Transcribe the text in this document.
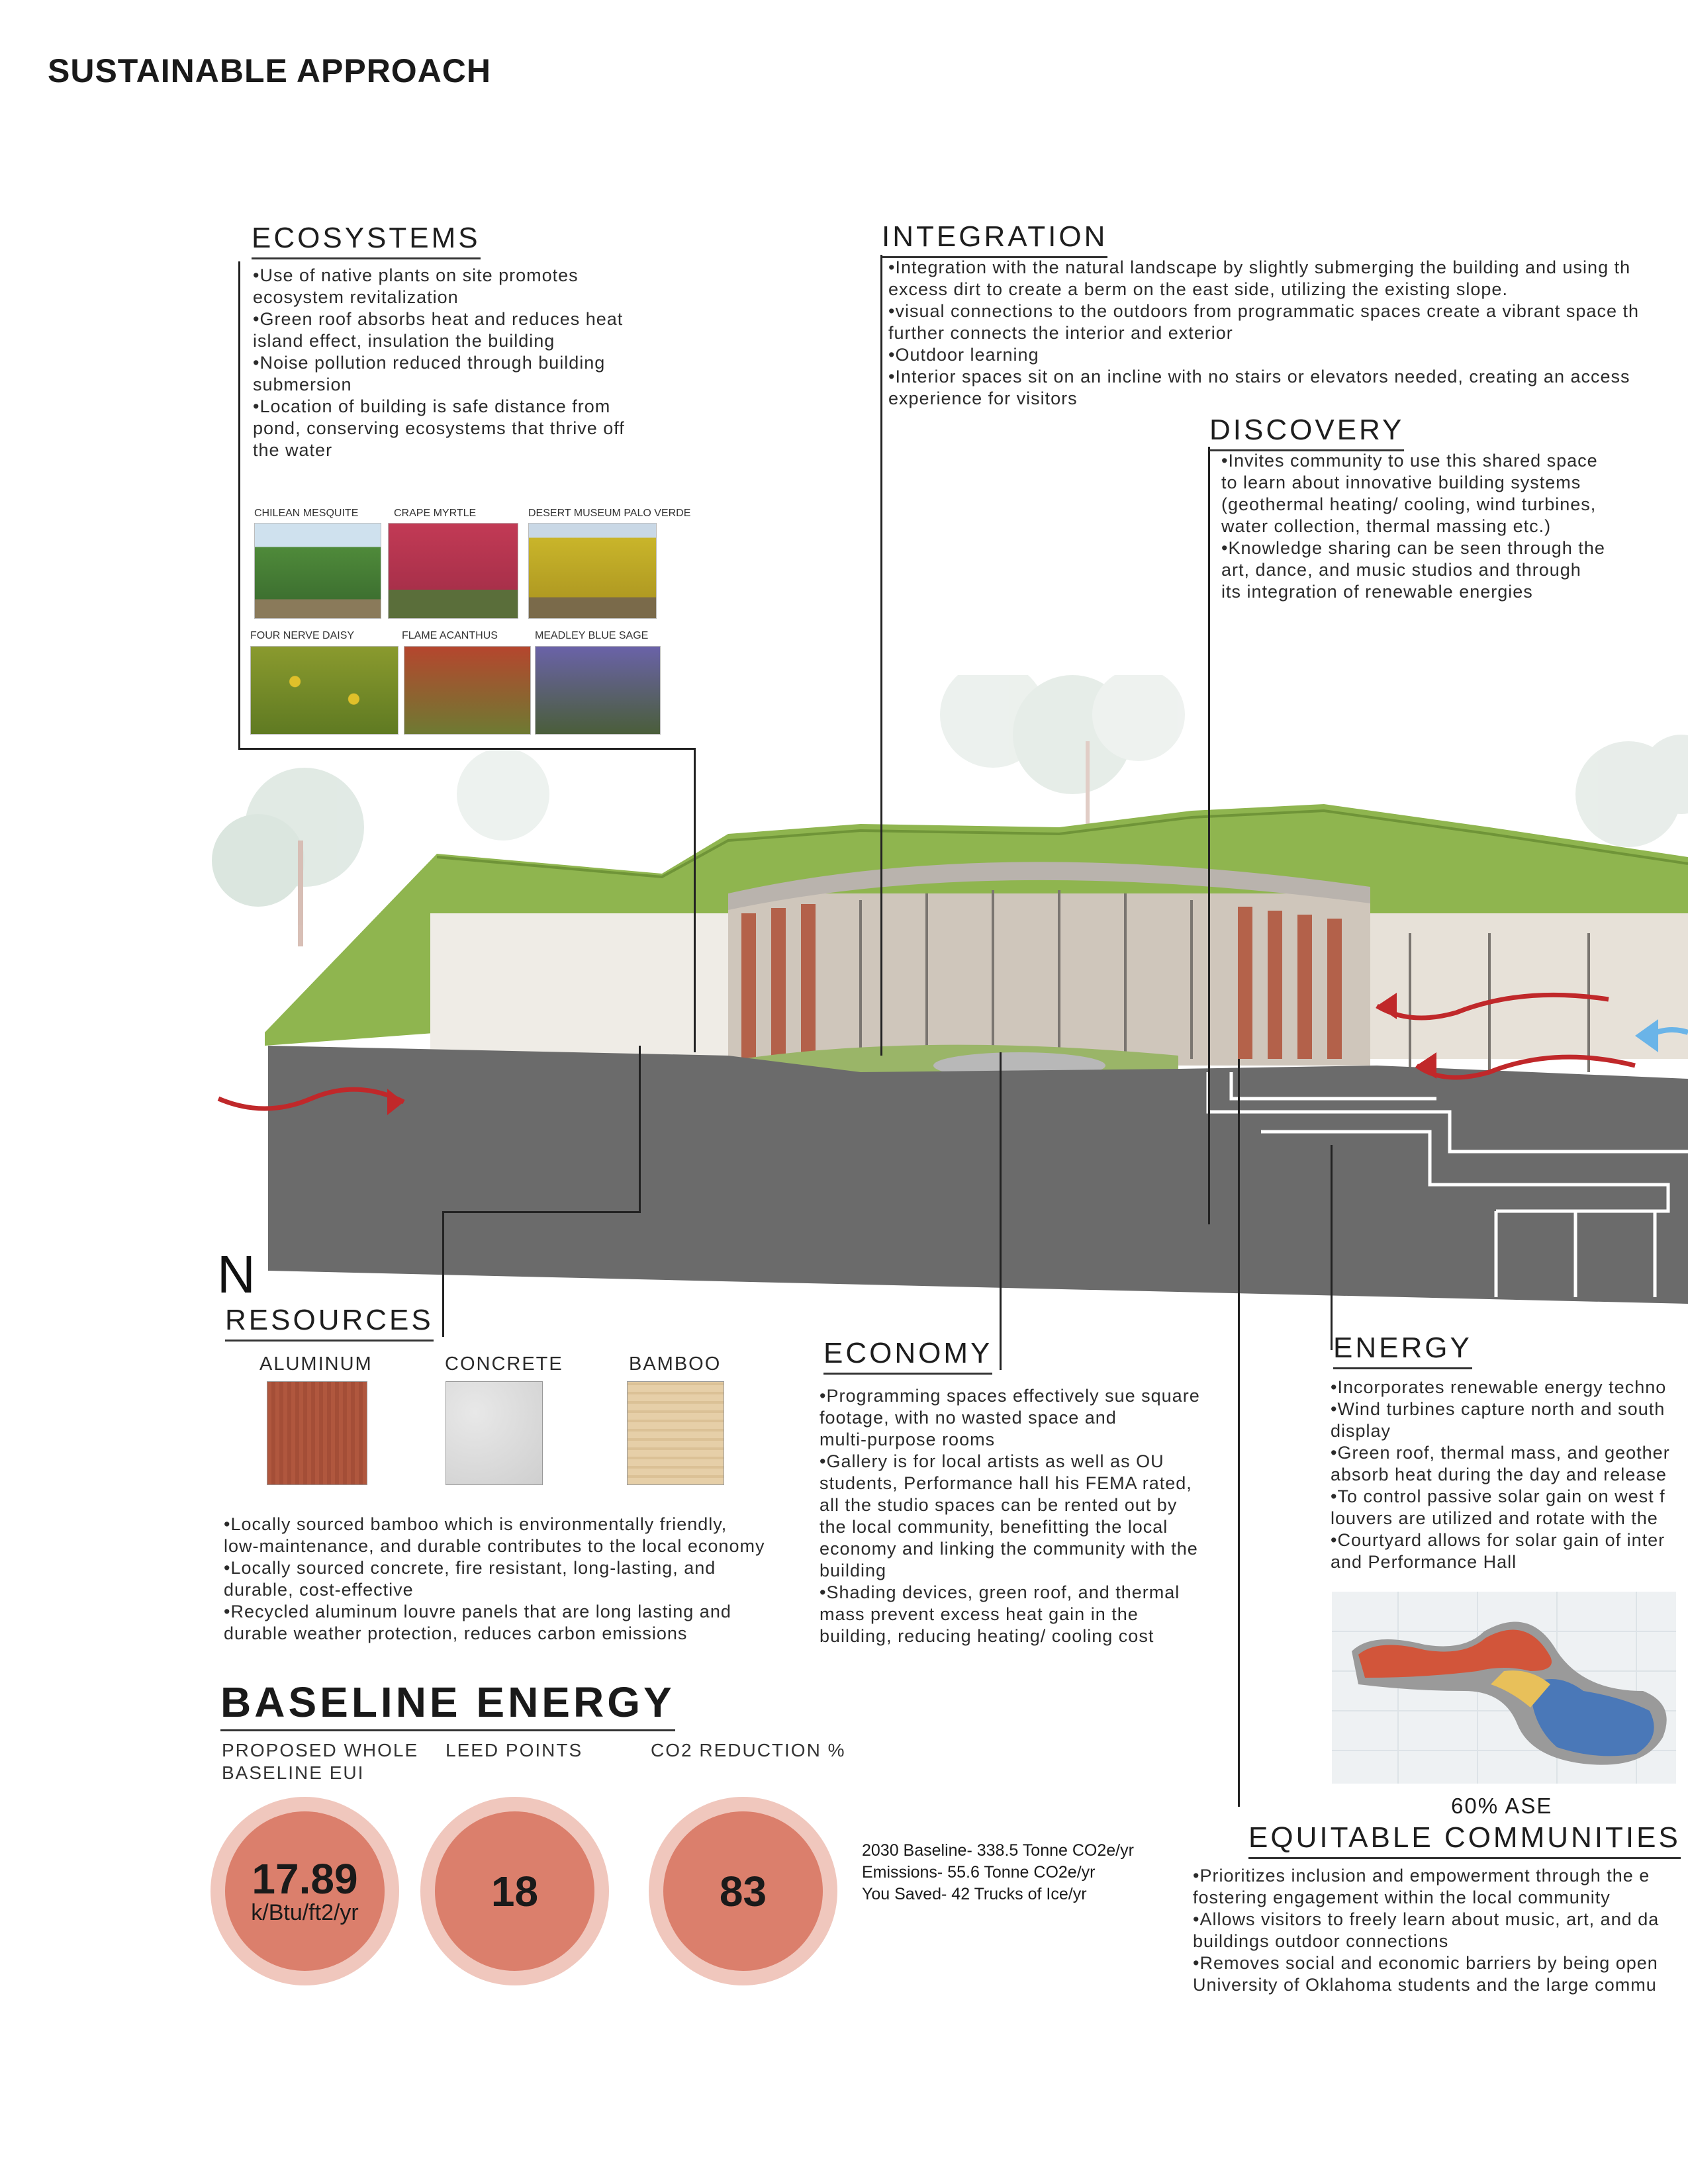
SUSTAINABLE APPROACH
ECOSYSTEMS
•Use of native plants on site promotes
ecosystem revitalization
•Green roof absorbs heat and reduces heat
island effect, insulation the building
•Noise pollution reduced through building
submersion
•Location of building is safe distance from
pond, conserving ecosystems that thrive off
the water
CHILEAN MESQUITE	CRAPE MYRTLE	DESERT MUSEUM PALO VERDE
FOUR NERVE DAISY	FLAME ACANTHUS	MEADLEY BLUE SAGE
INTEGRATION
•Integration with the natural landscape by slightly submerging the building and using th
excess dirt to create a berm on the east side, utilizing the existing slope.
•visual connections to the outdoors from programmatic spaces create a vibrant space th
further connects the interior and exterior
•Outdoor learning
•Interior spaces sit on an incline with no stairs or elevators needed, creating an access
experience for visitors
DISCOVERY
•Invites community to use this shared space
to learn about innovative building systems
(geothermal heating/ cooling, wind turbines,
water collection, thermal massing etc.)
•Knowledge sharing can be seen through the
art, dance, and music studios and through
its integration of renewable energies
N
RESOURCES
ALUMINUM	CONCRETE	BAMBOO
•Locally sourced bamboo which is environmentally friendly,
low-maintenance, and durable contributes to the local economy
•Locally sourced concrete, fire resistant, long-lasting, and
durable, cost-effective
•Recycled aluminum louvre panels that are long lasting and
durable weather protection, reduces carbon emissions
ECONOMY
•Programming spaces effectively sue square
footage, with no wasted space and
multi-purpose rooms
•Gallery is for local artists as well as OU
students, Performance hall his FEMA rated,
all the studio spaces can be rented out by
the local community, benefitting the local
economy and linking the community with the
building
•Shading devices, green roof, and thermal
mass prevent excess heat gain in the
building, reducing heating/ cooling cost
ENERGY
•Incorporates renewable energy techno
•Wind turbines capture north and south
display
•Green roof, thermal mass, and geother
absorb heat during the day and release
•To control passive solar gain on west f
louvers are utilized and rotate with the
•Courtyard allows for solar gain of inter
and Performance Hall
60% ASE
EQUITABLE COMMUNITIES
•Prioritizes inclusion and empowerment through the e
fostering engagement within the local community
•Allows visitors to freely learn about music, art, and da
buildings outdoor connections
•Removes social and economic barriers by being open
University of Oklahoma students and the large commu
BASELINE ENERGY
PROPOSED WHOLE
BASELINE EUI
LEED POINTS	CO2 REDUCTION %
17.89
k/Btu/ft2/yr	18	83
2030 Baseline- 338.5 Tonne CO2e/yr
Emissions- 55.6 Tonne CO2e/yr
You Saved- 42 Trucks of Ice/yr
